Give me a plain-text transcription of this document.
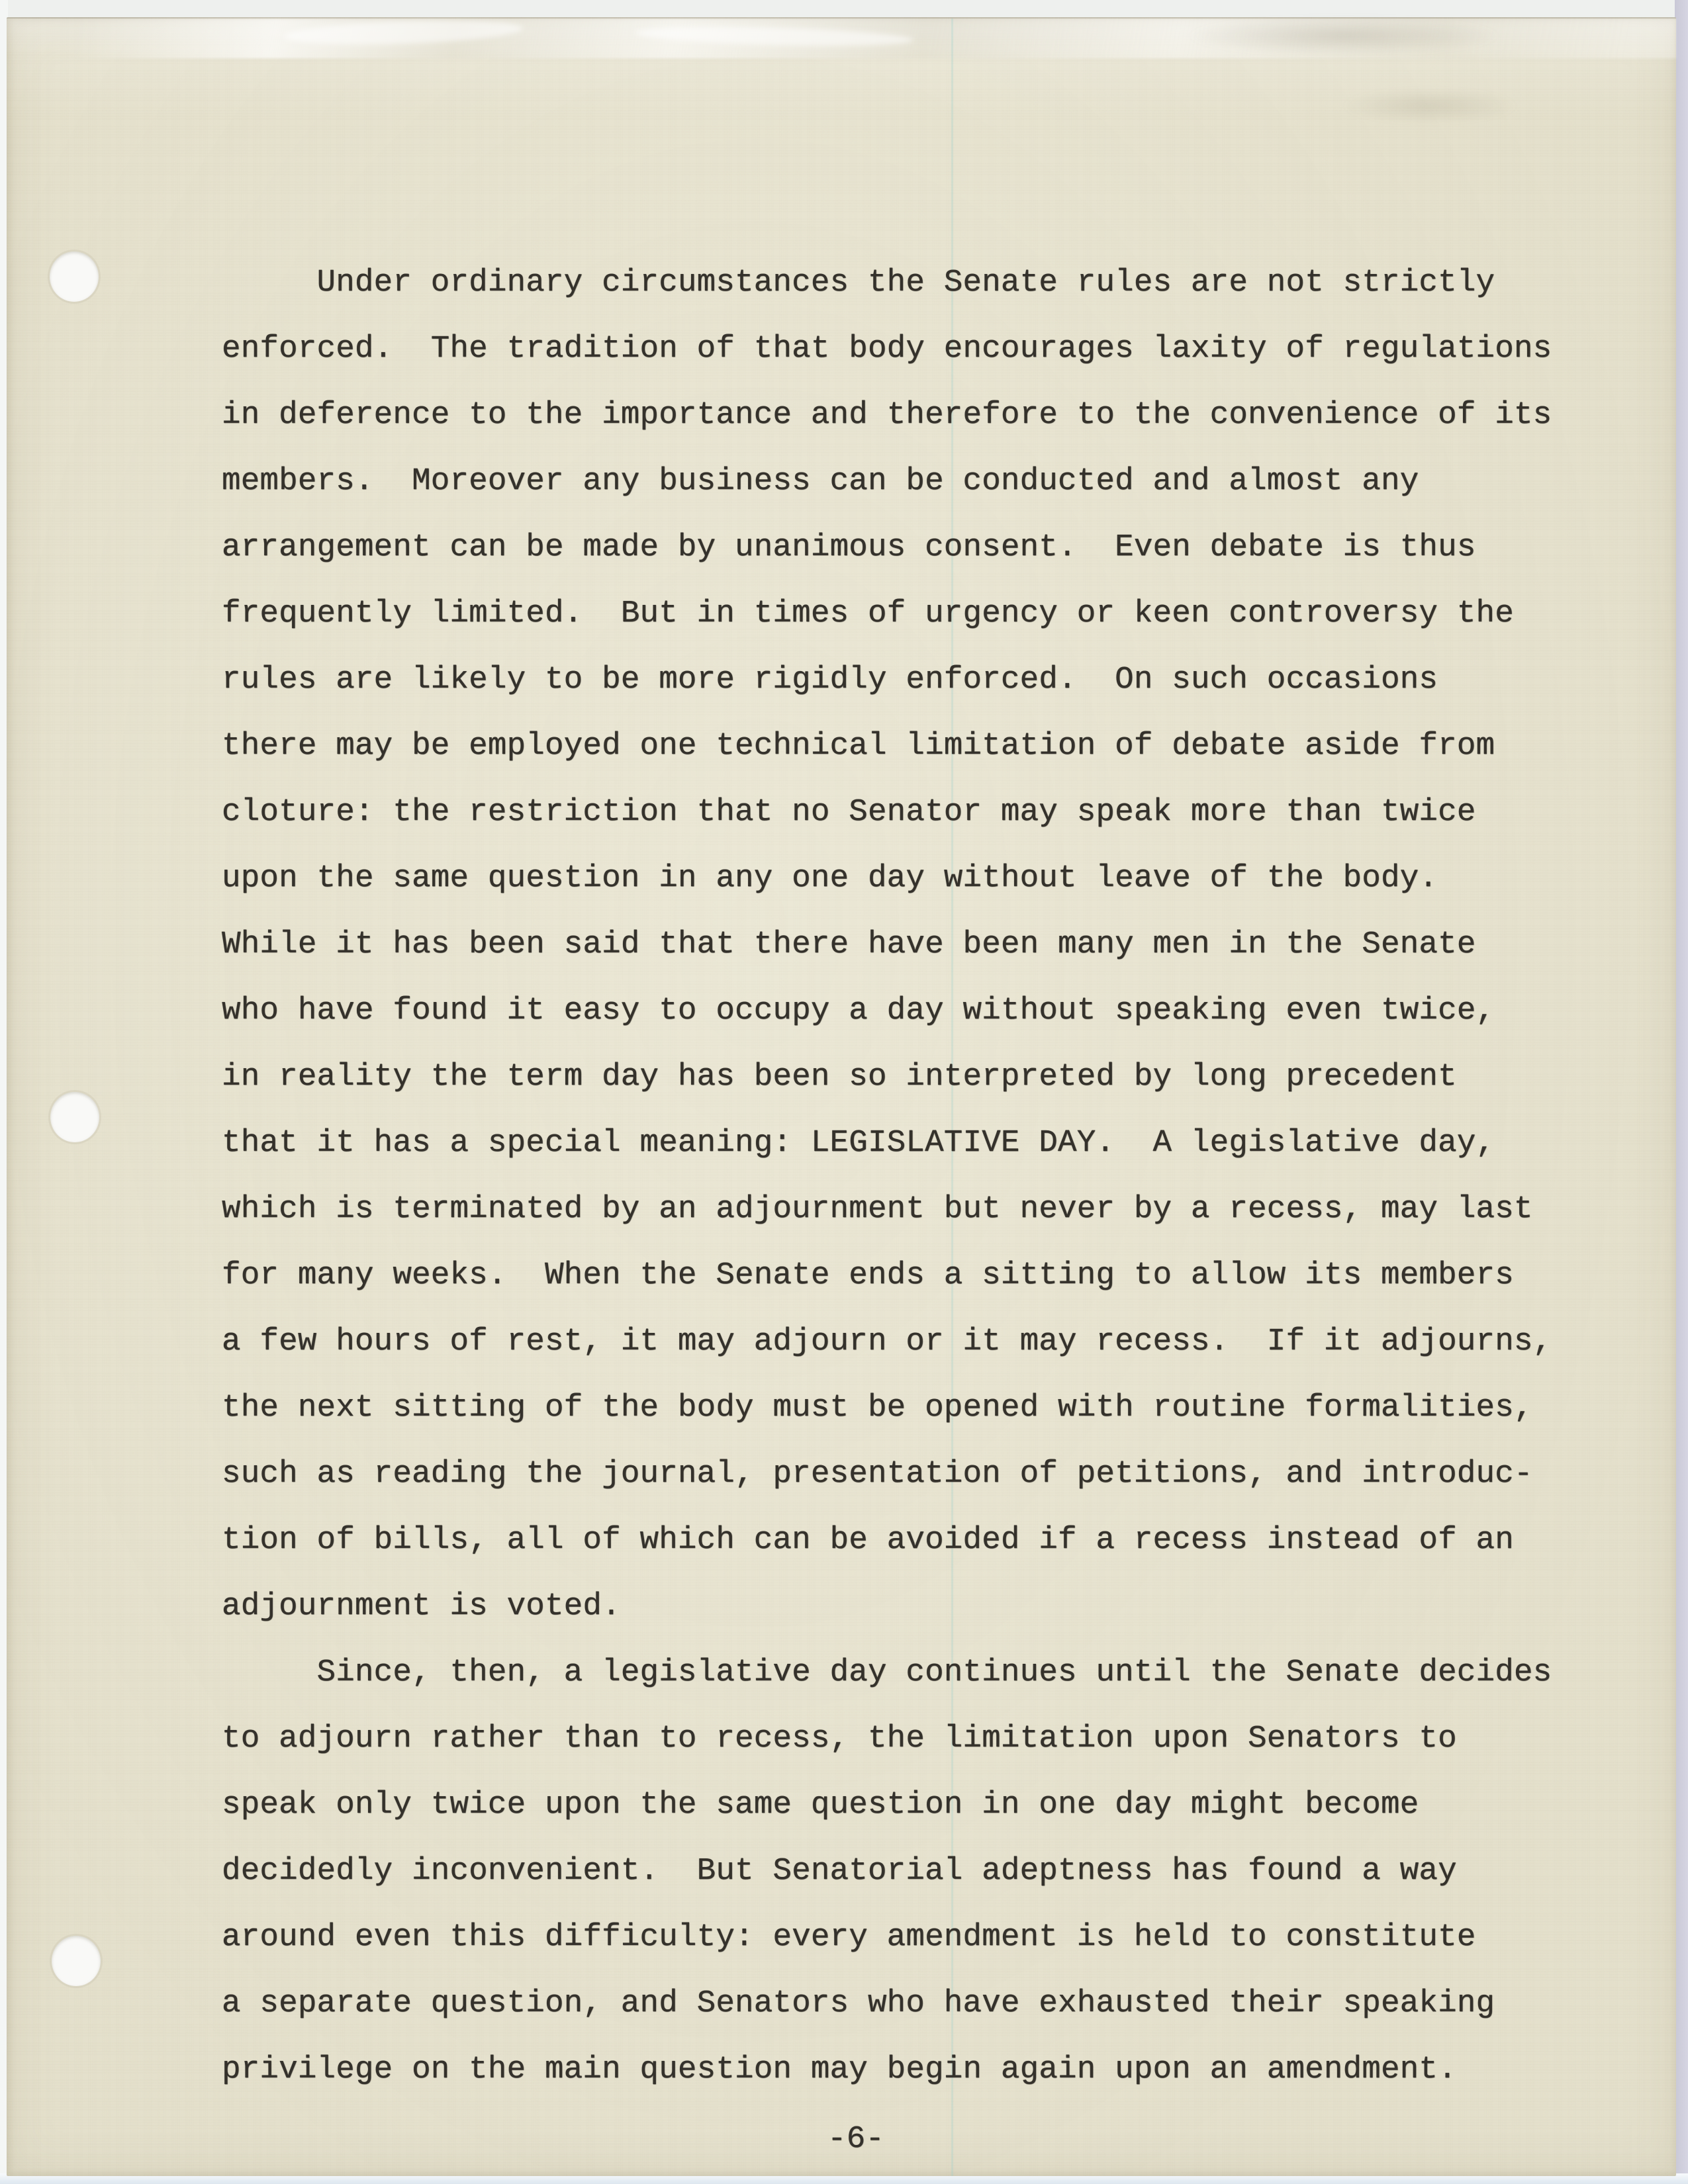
Under ordinary circumstances the Senate rules are not strictly
enforced.  The tradition of that body encourages laxity of regulations
in deference to the importance and therefore to the convenience of its
members.  Moreover any business can be conducted and almost any
arrangement can be made by unanimous consent.  Even debate is thus
frequently limited.  But in times of urgency or keen controversy the
rules are likely to be more rigidly enforced.  On such occasions
there may be employed one technical limitation of debate aside from
cloture: the restriction that no Senator may speak more than twice
upon the same question in any one day without leave of the body.
While it has been said that there have been many men in the Senate
who have found it easy to occupy a day without speaking even twice,
in reality the term day has been so interpreted by long precedent
that it has a special meaning: LEGISLATIVE DAY.  A legislative day,
which is terminated by an adjournment but never by a recess, may last
for many weeks.  When the Senate ends a sitting to allow its members
a few hours of rest, it may adjourn or it may recess.  If it adjourns,
the next sitting of the body must be opened with routine formalities,
such as reading the journal, presentation of petitions, and introduc-
tion of bills, all of which can be avoided if a recess instead of an
adjournment is voted.
Since, then, a legislative day continues until the Senate decides
to adjourn rather than to recess, the limitation upon Senators to
speak only twice upon the same question in one day might become
decidedly inconvenient.  But Senatorial adeptness has found a way
around even this difficulty: every amendment is held to constitute
a separate question, and Senators who have exhausted their speaking
privilege on the main question may begin again upon an amendment.
-6-
